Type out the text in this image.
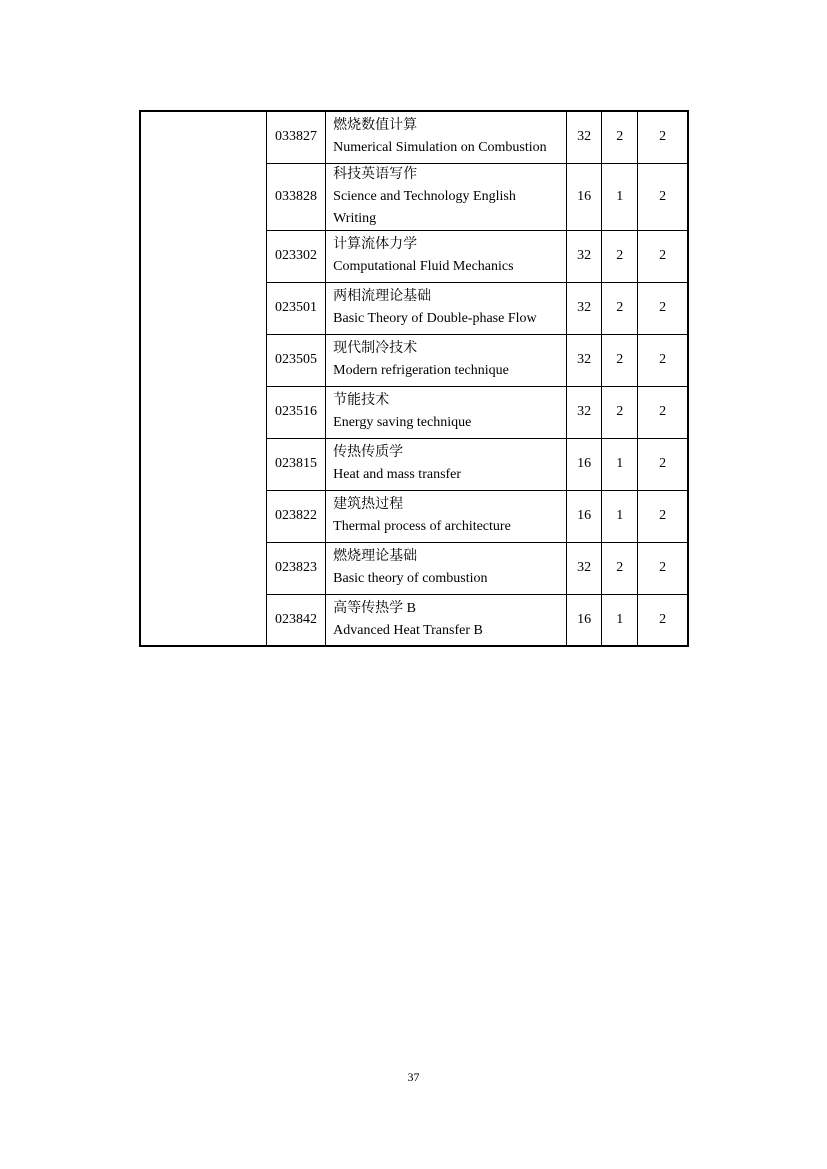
	033827	燃烧数值计算
Numerical Simulation on Combustion	32	2	2
	033828	科技英语写作
Science and Technology English Writing	16	1	2
	023302	计算流体力学
Computational Fluid Mechanics	32	2	2
	023501	两相流理论基础
Basic Theory of Double-phase Flow	32	2	2
	023505	现代制冷技术
Modern refrigeration technique	32	2	2
	023516	节能技术
Energy saving technique	32	2	2
	023815	传热传质学
Heat and mass transfer	16	1	2
	023822	建筑热过程
Thermal process of architecture	16	1	2
	023823	燃烧理论基础
Basic theory of combustion	32	2	2
	023842	高等传热学 B
Advanced Heat Transfer B	16	1	2
37
